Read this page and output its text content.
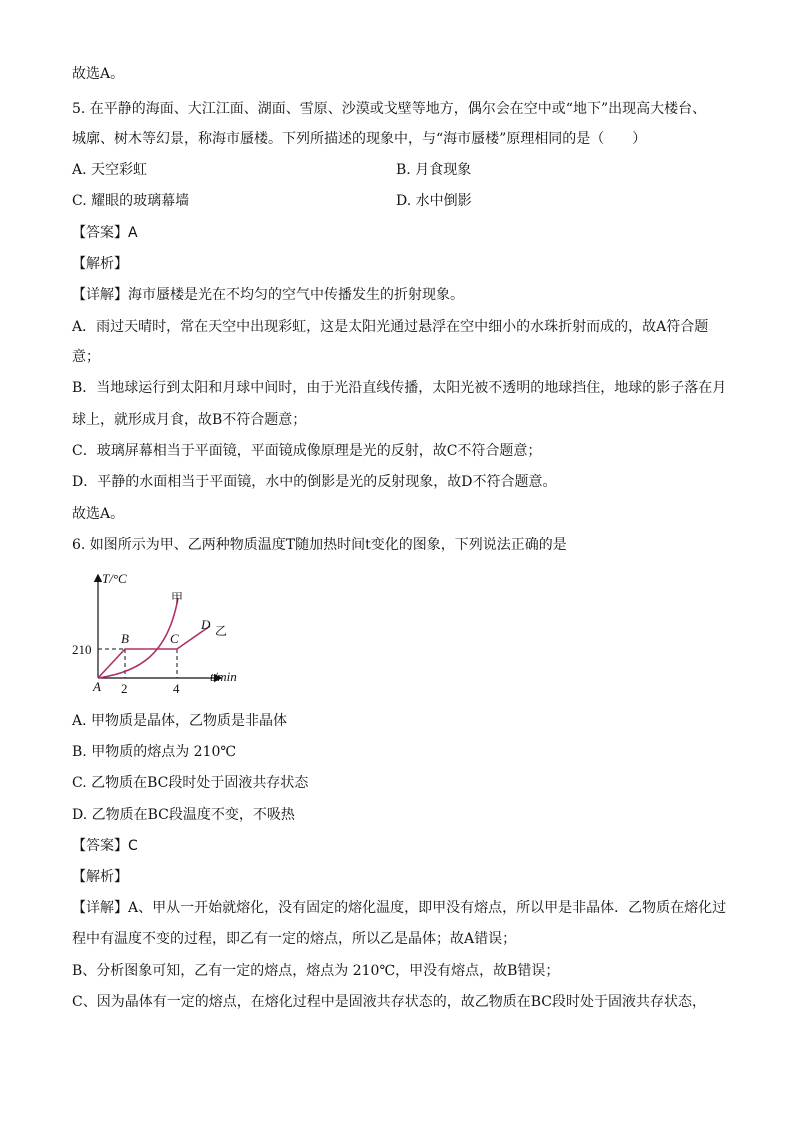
故选A。
5. 在平静的海面、大江江面、湖面、雪原、沙漠或戈壁等地方，偶尔会在空中或“地下”出现高大楼台、
城廓、树木等幻景，称海市蜃楼。下列所描述的现象中，与“海市蜃楼”原理相同的是（　　）
A. 天空彩虹	B. 月食现象
C. 耀眼的玻璃幕墙	D. 水中倒影
【答案】A
【解析】
【详解】海市蜃楼是光在不均匀的空气中传播发生的折射现象。
A．雨过天晴时，常在天空中出现彩虹，这是太阳光通过悬浮在空中细小的水珠折射而成的，故A符合题
意；
B．当地球运行到太阳和月球中间时，由于光沿直线传播，太阳光被不透明的地球挡住，地球的影子落在月
球上，就形成月食，故B不符合题意；
C．玻璃屏幕相当于平面镜，平面镜成像原理是光的反射，故C不符合题意；
D．平静的水面相当于平面镜，水中的倒影是光的反射现象，故D不符合题意。
故选A。
6. 如图所示为甲、乙两种物质温度T随加热时间t变化的图象，下列说法正确的是
T/°C
210
A 2	4
t/min
B	C
D
甲
乙
A. 甲物质是晶体，乙物质是非晶体
B. 甲物质的熔点为 210℃
C. 乙物质在BC段时处于固液共存状态
D. 乙物质在BC段温度不变，不吸热
【答案】C
【解析】
【详解】A、甲从一开始就熔化，没有固定的熔化温度，即甲没有熔点，所以甲是非晶体．乙物质在熔化过
程中有温度不变的过程，即乙有一定的熔点，所以乙是晶体；故A错误；
B、分析图象可知，乙有一定的熔点，熔点为 210℃，甲没有熔点，故B错误；
C、因为晶体有一定的熔点，在熔化过程中是固液共存状态的，故乙物质在BC段时处于固液共存状态，
